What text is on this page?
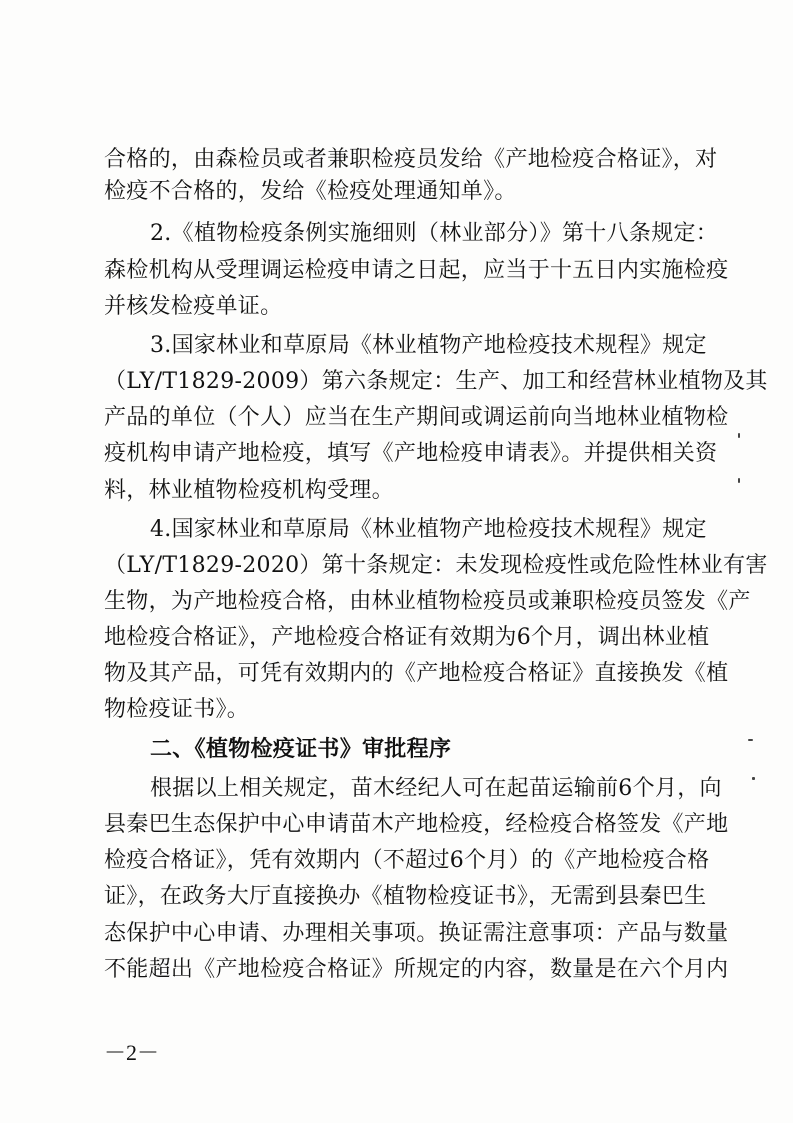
合格的，由森检员或者兼职检疫员发给《产地检疫合格证》，对
检疫不合格的，发给《检疫处理通知单》。
2.《植物检疫条例实施细则（林业部分）》第十八条规定：
森检机构从受理调运检疫申请之日起，应当于十五日内实施检疫
并核发检疫单证。
3.国家林业和草原局《林业植物产地检疫技术规程》规定
（LY/T1829-2009）第六条规定：生产、加工和经营林业植物及其
产品的单位（个人）应当在生产期间或调运前向当地林业植物检
疫机构申请产地检疫，填写《产地检疫申请表》。并提供相关资
料，林业植物检疫机构受理。
4.国家林业和草原局《林业植物产地检疫技术规程》规定
（LY/T1829-2020）第十条规定：未发现检疫性或危险性林业有害
生物，为产地检疫合格，由林业植物检疫员或兼职检疫员签发《产
地检疫合格证》，产地检疫合格证有效期为6个月，调出林业植
物及其产品，可凭有效期内的《产地检疫合格证》直接换发《植
物检疫证书》。
二、《植物检疫证书》审批程序
根据以上相关规定，苗木经纪人可在起苗运输前6个月，向
县秦巴生态保护中心申请苗木产地检疫，经检疫合格签发《产地
检疫合格证》，凭有效期内（不超过6个月）的《产地检疫合格
证》，在政务大厅直接换办《植物检疫证书》，无需到县秦巴生
态保护中心申请、办理相关事项。换证需注意事项：产品与数量
不能超出《产地检疫合格证》所规定的内容，数量是在六个月内
－2－
